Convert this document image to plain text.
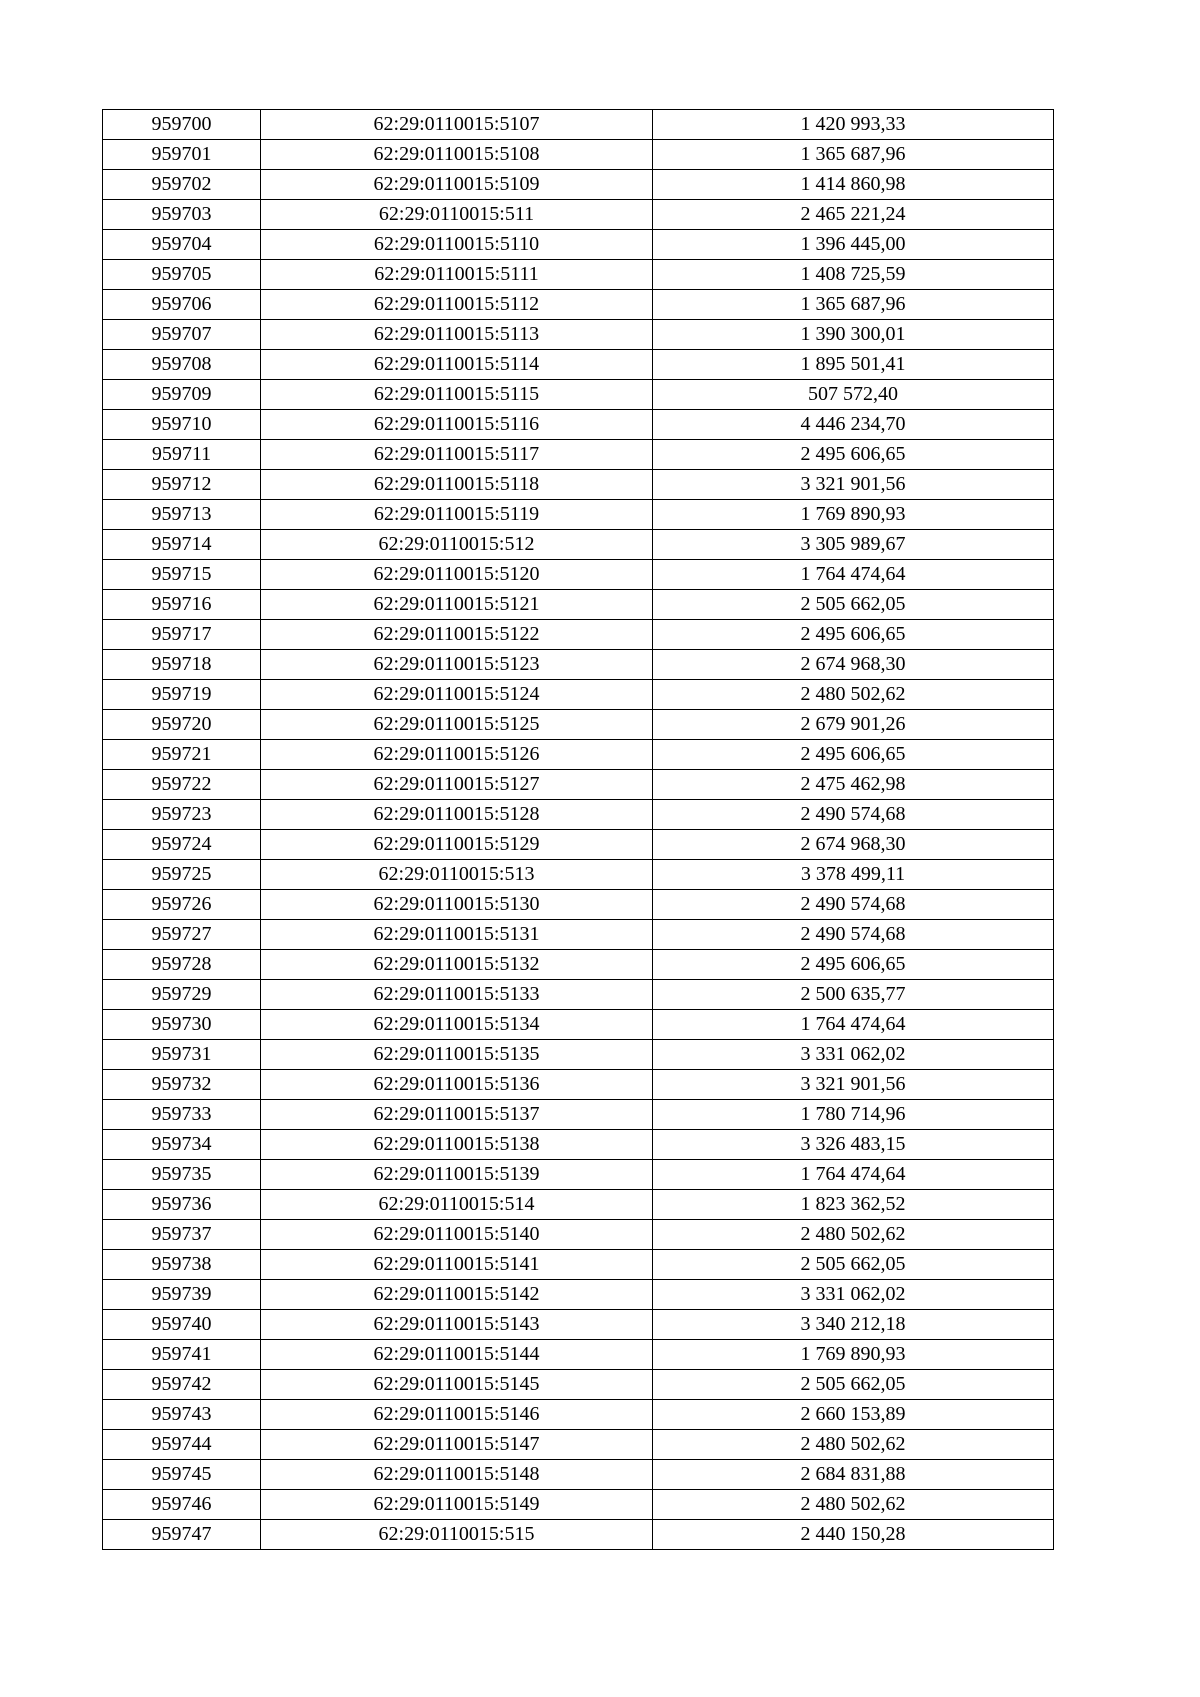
959700	62:29:0110015:5107	1 420 993,33
959701	62:29:0110015:5108	1 365 687,96
959702	62:29:0110015:5109	1 414 860,98
959703	62:29:0110015:511	2 465 221,24
959704	62:29:0110015:5110	1 396 445,00
959705	62:29:0110015:5111	1 408 725,59
959706	62:29:0110015:5112	1 365 687,96
959707	62:29:0110015:5113	1 390 300,01
959708	62:29:0110015:5114	1 895 501,41
959709	62:29:0110015:5115	507 572,40
959710	62:29:0110015:5116	4 446 234,70
959711	62:29:0110015:5117	2 495 606,65
959712	62:29:0110015:5118	3 321 901,56
959713	62:29:0110015:5119	1 769 890,93
959714	62:29:0110015:512	3 305 989,67
959715	62:29:0110015:5120	1 764 474,64
959716	62:29:0110015:5121	2 505 662,05
959717	62:29:0110015:5122	2 495 606,65
959718	62:29:0110015:5123	2 674 968,30
959719	62:29:0110015:5124	2 480 502,62
959720	62:29:0110015:5125	2 679 901,26
959721	62:29:0110015:5126	2 495 606,65
959722	62:29:0110015:5127	2 475 462,98
959723	62:29:0110015:5128	2 490 574,68
959724	62:29:0110015:5129	2 674 968,30
959725	62:29:0110015:513	3 378 499,11
959726	62:29:0110015:5130	2 490 574,68
959727	62:29:0110015:5131	2 490 574,68
959728	62:29:0110015:5132	2 495 606,65
959729	62:29:0110015:5133	2 500 635,77
959730	62:29:0110015:5134	1 764 474,64
959731	62:29:0110015:5135	3 331 062,02
959732	62:29:0110015:5136	3 321 901,56
959733	62:29:0110015:5137	1 780 714,96
959734	62:29:0110015:5138	3 326 483,15
959735	62:29:0110015:5139	1 764 474,64
959736	62:29:0110015:514	1 823 362,52
959737	62:29:0110015:5140	2 480 502,62
959738	62:29:0110015:5141	2 505 662,05
959739	62:29:0110015:5142	3 331 062,02
959740	62:29:0110015:5143	3 340 212,18
959741	62:29:0110015:5144	1 769 890,93
959742	62:29:0110015:5145	2 505 662,05
959743	62:29:0110015:5146	2 660 153,89
959744	62:29:0110015:5147	2 480 502,62
959745	62:29:0110015:5148	2 684 831,88
959746	62:29:0110015:5149	2 480 502,62
959747	62:29:0110015:515	2 440 150,28
